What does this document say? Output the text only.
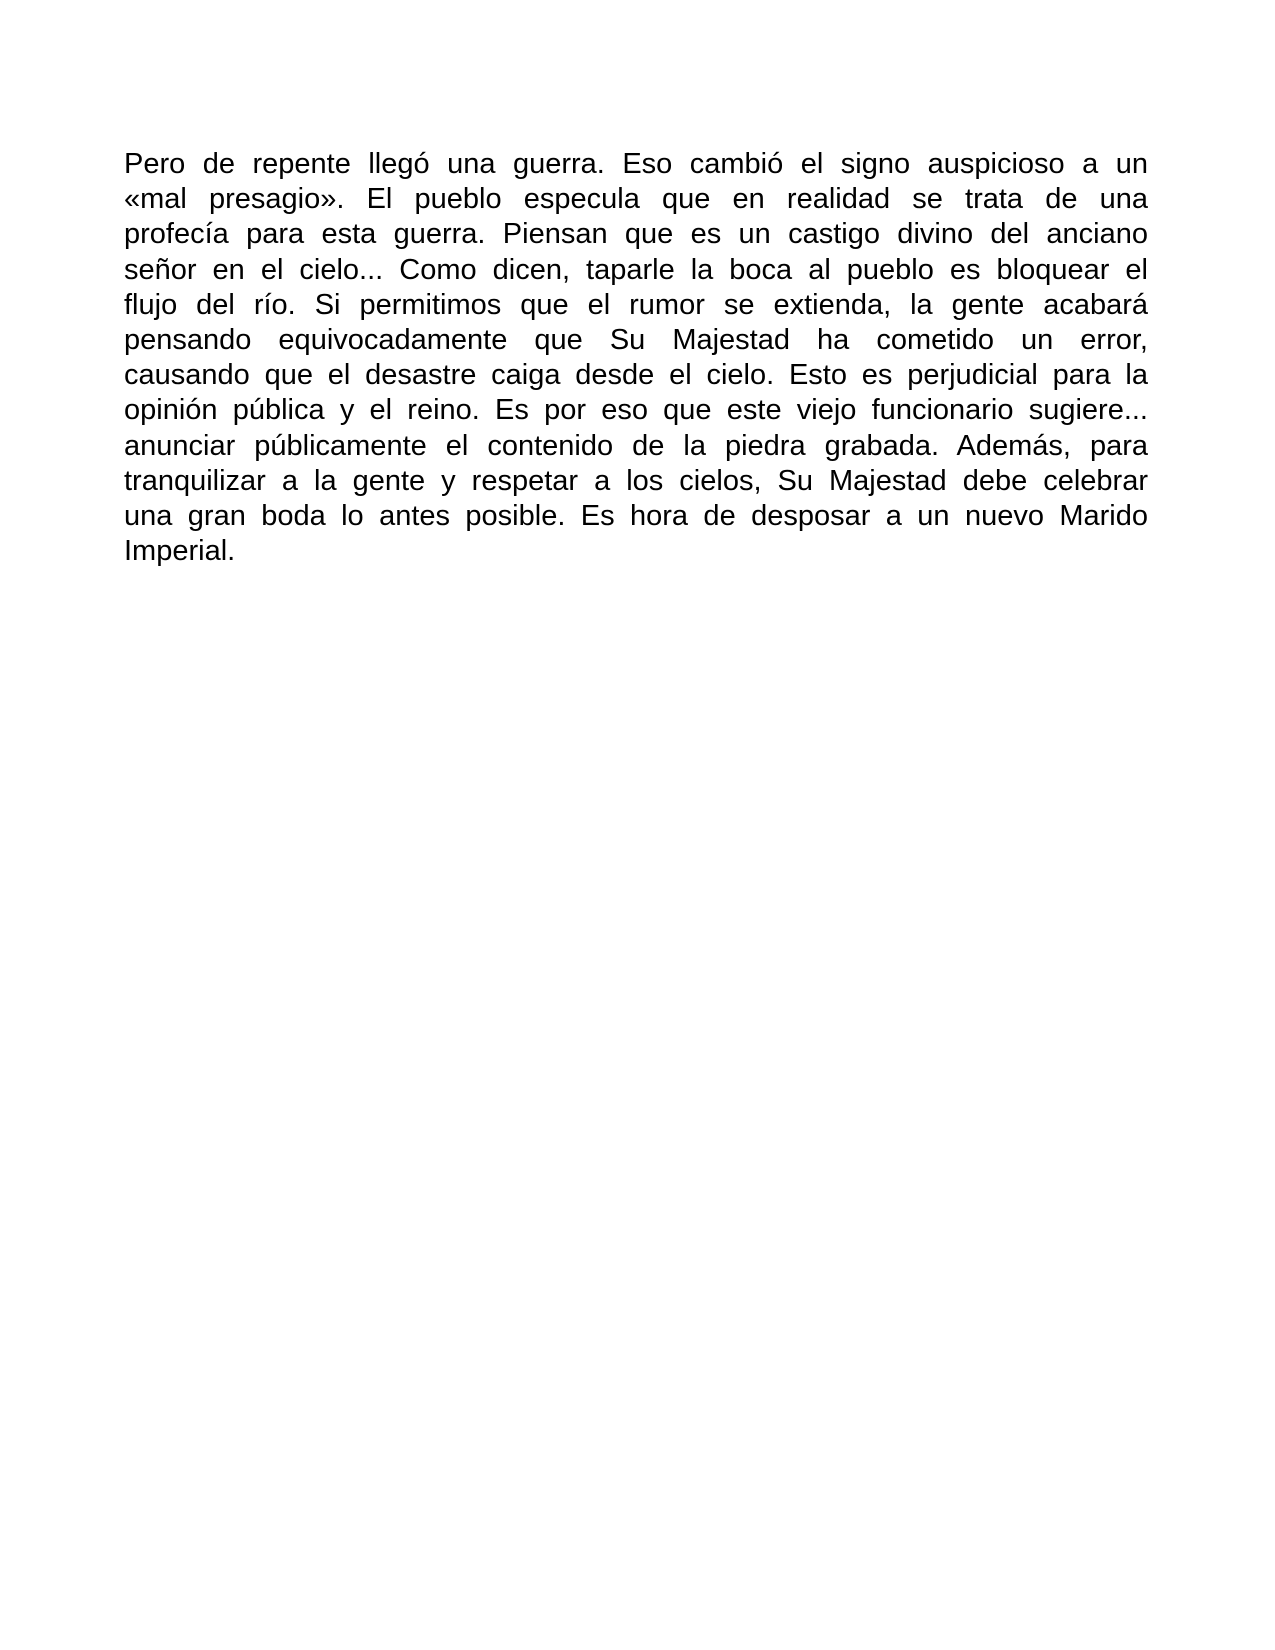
Pero de repente llegó una guerra. Eso cambió el signo auspicioso a un
«mal presagio». El pueblo especula que en realidad se trata de una
profecía para esta guerra. Piensan que es un castigo divino del anciano
señor en el cielo... Como dicen, taparle la boca al pueblo es bloquear el
flujo del río. Si permitimos que el rumor se extienda, la gente acabará
pensando equivocadamente que Su Majestad ha cometido un error,
causando que el desastre caiga desde el cielo. Esto es perjudicial para la
opinión pública y el reino. Es por eso que este viejo funcionario sugiere...
anunciar públicamente el contenido de la piedra grabada. Además, para
tranquilizar a la gente y respetar a los cielos, Su Majestad debe celebrar
una gran boda lo antes posible. Es hora de desposar a un nuevo Marido
Imperial.
